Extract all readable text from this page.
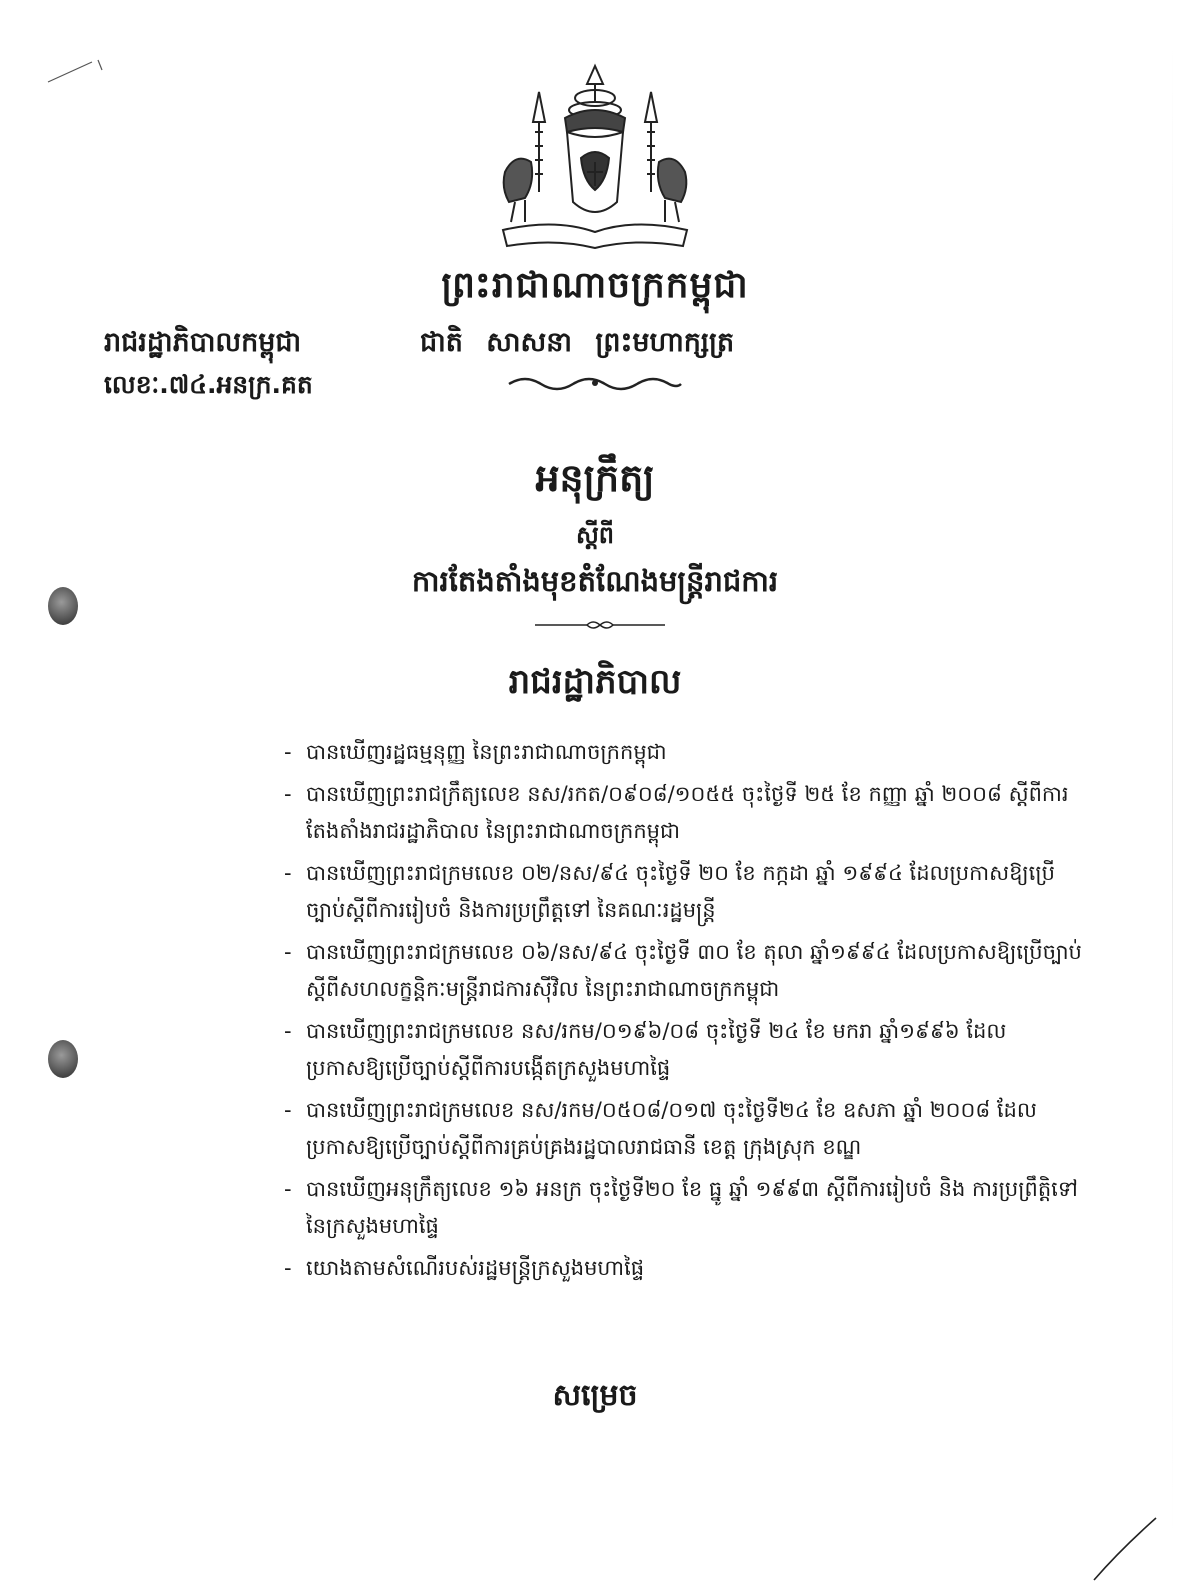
ព្រះរាជាណាចក្រកម្ពុជា
រាជរដ្ឋាភិបាលកម្ពុជា	ជាតិ សាសនា ព្រះមហាក្សត្រ
លេខៈ.៧៤.អនក្រ.គត
អនុក្រឹត្យ
ស្តីពី
ការតែងតាំងមុខតំណែងមន្ត្រីរាជការ
រាជរដ្ឋាភិបាល
- បានឃើញរដ្ឋធម្មនុញ្ញ នៃព្រះរាជាណាចក្រកម្ពុជា
- បានឃើញព្រះរាជក្រឹត្យលេខ នស/រកត/០៩០៨/១០៥៥ ចុះថ្ងៃទី ២៥ ខែ កញ្ញា ឆ្នាំ ២០០៨ ស្តីពីការតែងតាំងរាជរដ្ឋាភិបាល នៃព្រះរាជាណាចក្រកម្ពុជា
- បានឃើញព្រះរាជក្រមលេខ ០២/នស/៩៤ ចុះថ្ងៃទី ២០ ខែ កក្កដា ឆ្នាំ ១៩៩៤ ដែលប្រកាសឱ្យប្រើច្បាប់ស្តីពីការរៀបចំ និងការប្រព្រឹត្តទៅ នៃគណៈរដ្ឋមន្ត្រី
- បានឃើញព្រះរាជក្រមលេខ ០៦/នស/៩៤ ចុះថ្ងៃទី ៣០ ខែ តុលា ឆ្នាំ១៩៩៤ ដែលប្រកាសឱ្យប្រើច្បាប់ស្តីពីសហលក្ខន្តិកៈមន្ត្រីរាជការស៊ីវិល នៃព្រះរាជាណាចក្រកម្ពុជា
- បានឃើញព្រះរាជក្រមលេខ នស/រកម/០១៩៦/០៨ ចុះថ្ងៃទី ២៤ ខែ មករា ឆ្នាំ១៩៩៦ ដែលប្រកាសឱ្យប្រើច្បាប់ស្តីពីការបង្កើតក្រសួងមហាផ្ទៃ
- បានឃើញព្រះរាជក្រមលេខ នស/រកម/០៥០៨/០១៧ ចុះថ្ងៃទី២៤ ខែ ឧសភា ឆ្នាំ ២០០៨ ដែលប្រកាសឱ្យប្រើច្បាប់ស្តីពីការគ្រប់គ្រងរដ្ឋបាលរាជធានី ខេត្ត ក្រុងស្រុក ខណ្ឌ
- បានឃើញអនុក្រឹត្យលេខ ១៦ អនក្រ ចុះថ្ងៃទី២០ ខែ ធ្នូ ឆ្នាំ ១៩៩៣ ស្តីពីការរៀបចំ និង ការប្រព្រឹត្តិទៅ នៃក្រសួងមហាផ្ទៃ
- យោងតាមសំណើរបស់រដ្ឋមន្ត្រីក្រសួងមហាផ្ទៃ
សម្រេច
